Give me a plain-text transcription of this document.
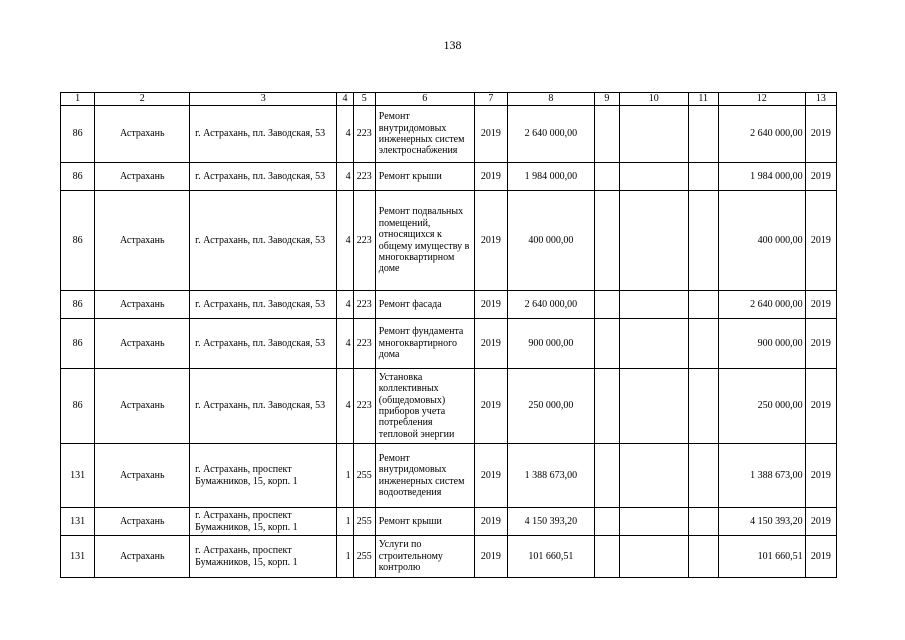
138
1	2	3	4	5	6	7	8	9	10	11	12	13
86	Астрахань	г. Астрахань, пл. Заводская, 53	4	223	Ремонт внутридомовых инженерных систем электроснабжения	2019	2 640 000,00				2 640 000,00	2019
86	Астрахань	г. Астрахань, пл. Заводская, 53	4	223	Ремонт крыши	2019	1 984 000,00				1 984 000,00	2019
86	Астрахань	г. Астрахань, пл. Заводская, 53	4	223	Ремонт подвальных помещений, относящихся к общему имуществу в многоквартирном доме	2019	400 000,00				400 000,00	2019
86	Астрахань	г. Астрахань, пл. Заводская, 53	4	223	Ремонт фасада	2019	2 640 000,00				2 640 000,00	2019
86	Астрахань	г. Астрахань, пл. Заводская, 53	4	223	Ремонт фундамента многоквартирного дома	2019	900 000,00				900 000,00	2019
86	Астрахань	г. Астрахань, пл. Заводская, 53	4	223	Установка коллективных (общедомовых) приборов учета потребления тепловой энергии	2019	250 000,00				250 000,00	2019
131	Астрахань	г. Астрахань, проспект Бумажников, 15, корп. 1	1	255	Ремонт внутридомовых инженерных систем водоотведения	2019	1 388 673,00				1 388 673,00	2019
131	Астрахань	г. Астрахань, проспект Бумажников, 15, корп. 1	1	255	Ремонт крыши	2019	4 150 393,20				4 150 393,20	2019
131	Астрахань	г. Астрахань, проспект Бумажников, 15, корп. 1	1	255	Услуги по строительному контролю	2019	101 660,51				101 660,51	2019
